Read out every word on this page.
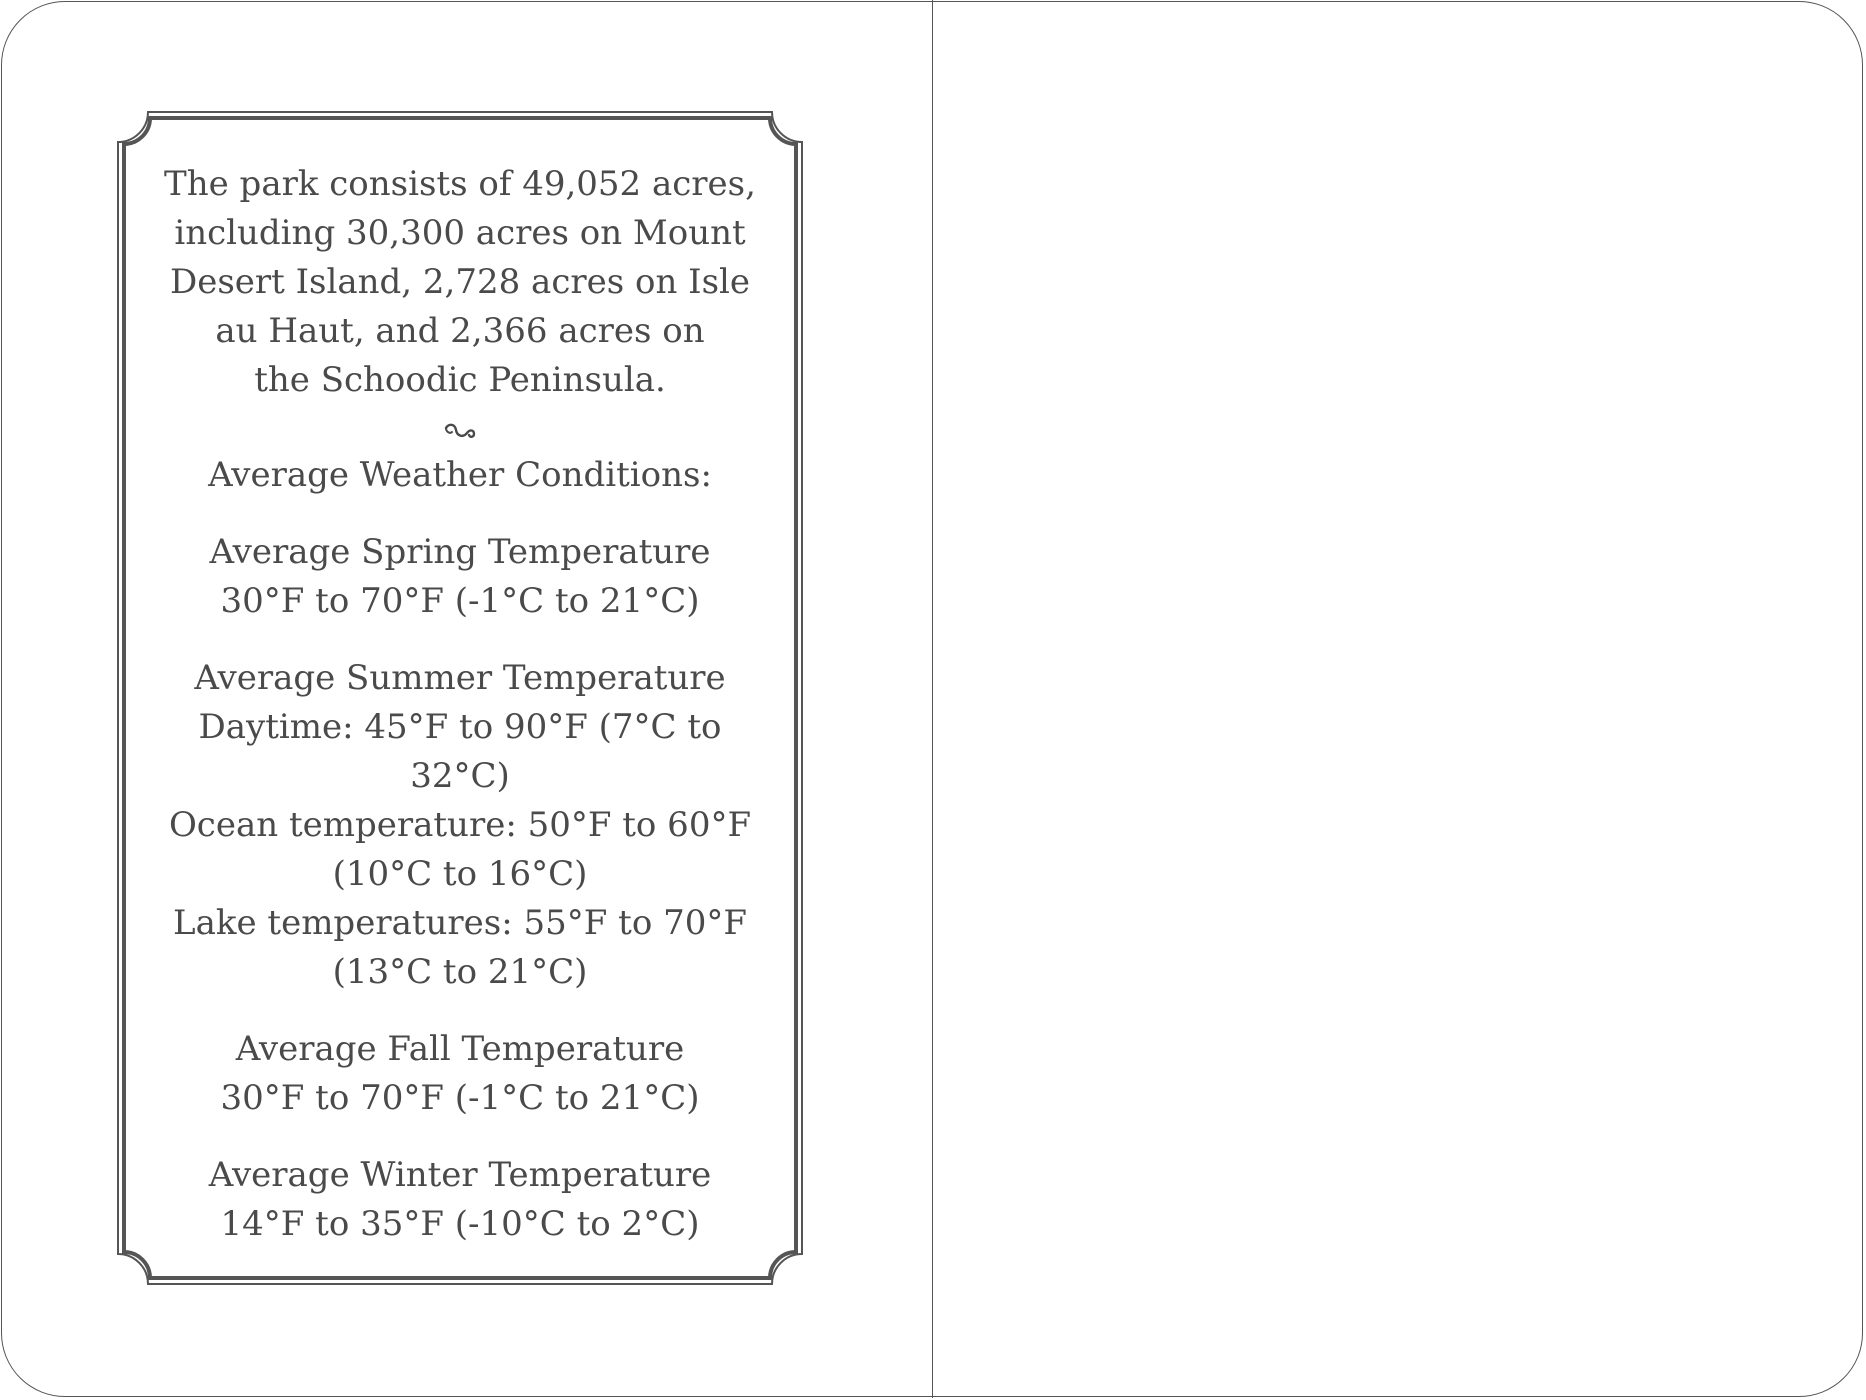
The park consists of 49,052 acres,

including 30,300 acres on Mount

Desert Island, 2,728 acres on Isle

au Haut, and 2,366 acres on

the Schoodic Peninsula.

Average Weather Conditions:

Average Spring Temperature

30°F to 70°F (-1°C to 21°C)

Average Summer Temperature

Daytime: 45°F to 90°F (7°C to 32°C)

Ocean temperature: 50°F to 60°F

(10°C to 16°C)

Lake temperatures: 55°F to 70°F

(13°C to 21°C)

Average Fall Temperature

30°F to 70°F (-1°C to 21°C)

Average Winter Temperature

14°F to 35°F (-10°C to 2°C)
